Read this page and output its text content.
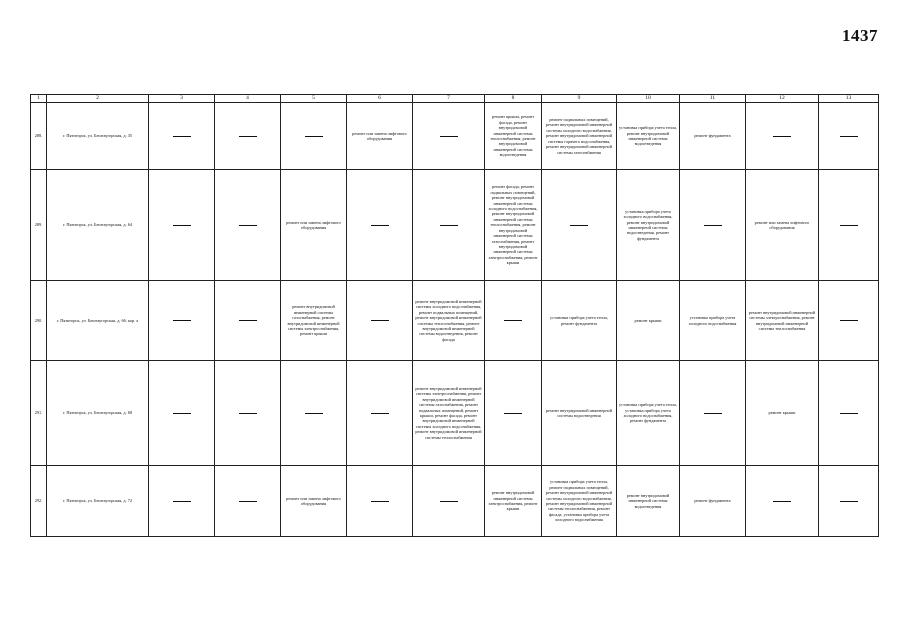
1437
1	2	3	4	5	6	7	8	9	10	11	12	13
288.	г. Пятигорск, ул. Бештаугорская, д. 35				ремонт или замена лифтового оборудования		ремонт крыши, ремонт фасада, ремонт внутридомовой инженерной системы теплоснабжения, ремонт внутридомовой инженерной системы водоотведения	ремонт подвальных помещений, ремонт внутридомовой инженерной системы холодного водоснабжения, ремонт внутридомовой инженерной системы горячего водоснабжения, ремонт внутридомовой инженерной системы газоснабжения	установка прибора учета тепла, ремонт внутридомовой инженерной системы водоотведения	ремонт фундамента		
289.	г. Пятигорск, ул. Бештаугорская, д. 64			ремонт или замена лифтового оборудования			ремонт фасада, ремонт подвальных помещений, ремонт внутридомовой инженерной системы холодного водоснабжения, ремонт внутридомовой инженерной системы теплоснабжения, ремонт внутридомовой инженерной системы газоснабжения, ремонт внутридомовой инженерной системы электроснабжения, ремонт крыши		установка прибора учета холодного водоснабжения, ремонт внутридомовой инженерной системы водоотведения, ремонт фундамента		ремонт или замена лифтового оборудования	
290.	г. Пятигорск, ул. Бештаугорская, д. 66, кор. а			ремонт внутридомовой инженерной системы газоснабжения, ремонт внутридомовой инженерной системы электроснабжения, ремонт крыши		ремонт внутридомовой инженерной системы холодного водоснабжения, ремонт подвальных помещений, ремонт внутридомовой инженерной системы теплоснабжения, ремонт внутридомовой инженерной системы водоотведения, ремонт фасада		установка прибора учета тепла, ремонт фундамента	ремонт крыши	установка прибора учета холодного водоснабжения	ремонт внутридомовой инженерной системы электроснабжения, ремонт внутридомовой инженерной системы теплоснабжения	
291.	г. Пятигорск, ул. Бештаугорская, д. 68					ремонт внутридомовой инженерной системы электроснабжения, ремонт внутридомовой инженерной системы газоснабжения, ремонт подвальных помещений, ремонт крыши, ремонт фасада, ремонт внутридомовой инженерной системы холодного водоснабжения, ремонт внутридомовой инженерной системы теплоснабжения		ремонт внутридомовой инженерной системы водоотведения	установка прибора учета тепла, установка прибора учета холодного водоснабжения, ремонт фундамента		ремонт крыши	
292.	г. Пятигорск, ул. Бештаугорская, д. 72			ремонт или замена лифтового оборудования			ремонт внутридомовой инженерной системы электроснабжения, ремонт крыши	установка прибора учета тепла, ремонт подвальных помещений, ремонт внутридомовой инженерной системы холодного водоснабжения, ремонт внутридомовой инженерной системы теплоснабжения, ремонт фасада, установка прибора учета холодного водоснабжения	ремонт внутридомовой инженерной системы водоотведения	ремонт фундамента		
